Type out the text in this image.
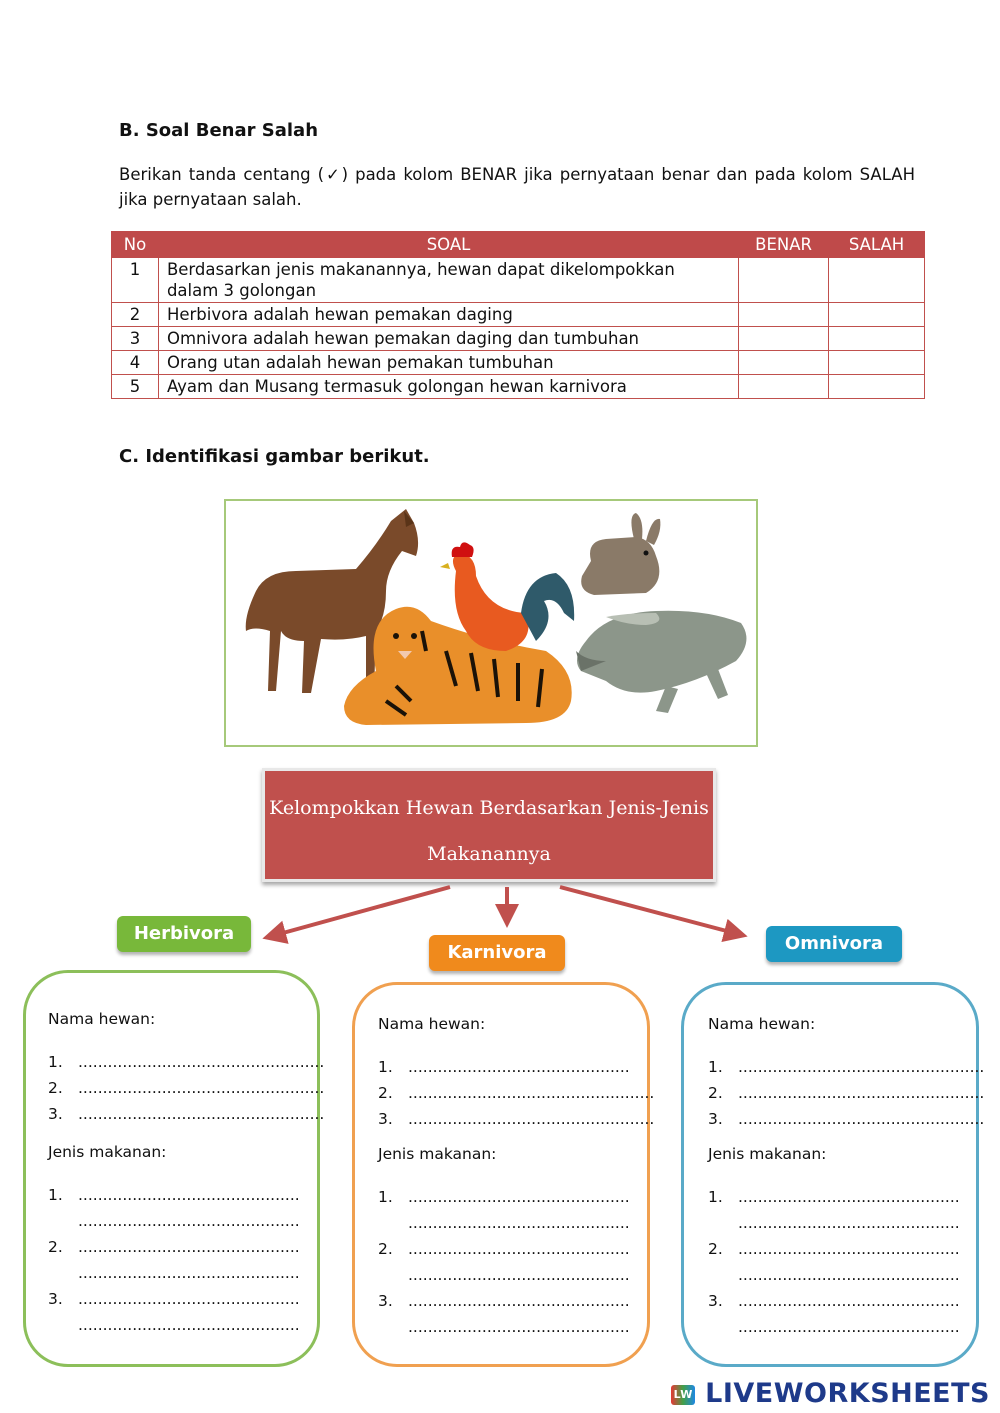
B. Soal Benar Salah
Berikan tanda centang (✓) pada kolom BENAR jika pernyataan benar dan pada kolom SALAH jika pernyataan salah.
No	SOAL	BENAR	SALAH
1	Berdasarkan jenis makanannya, hewan dapat dikelompokkan dalam 3 golongan		
2	Herbivora adalah hewan pemakan daging		
3	Omnivora adalah hewan pemakan daging dan tumbuhan		
4	Orang utan adalah hewan pemakan tumbuhan		
5	Ayam dan Musang termasuk golongan hewan karnivora		
C. Identifikasi gambar berikut.
Kelompokkan Hewan Berdasarkan Jenis-Jenis
Makanannya
Herbivora
Karnivora	Omnivora
Nama hewan:
1. ..................................................
2. ..................................................
3. ..................................................
Jenis makanan:
1. .............................................
.............................................
2. .............................................
.............................................
3. .............................................
.............................................
Nama hewan:
1. .............................................
2. ..................................................
3. ..................................................
Jenis makanan:
1. .............................................
.............................................
2. .............................................
.............................................
3. .............................................
.............................................
Nama hewan:
1. ..................................................
2. ..................................................
3. ..................................................
Jenis makanan:
1. .............................................
.............................................
2. .............................................
.............................................
3. .............................................
.............................................
LW LIVEWORKSHEETS
